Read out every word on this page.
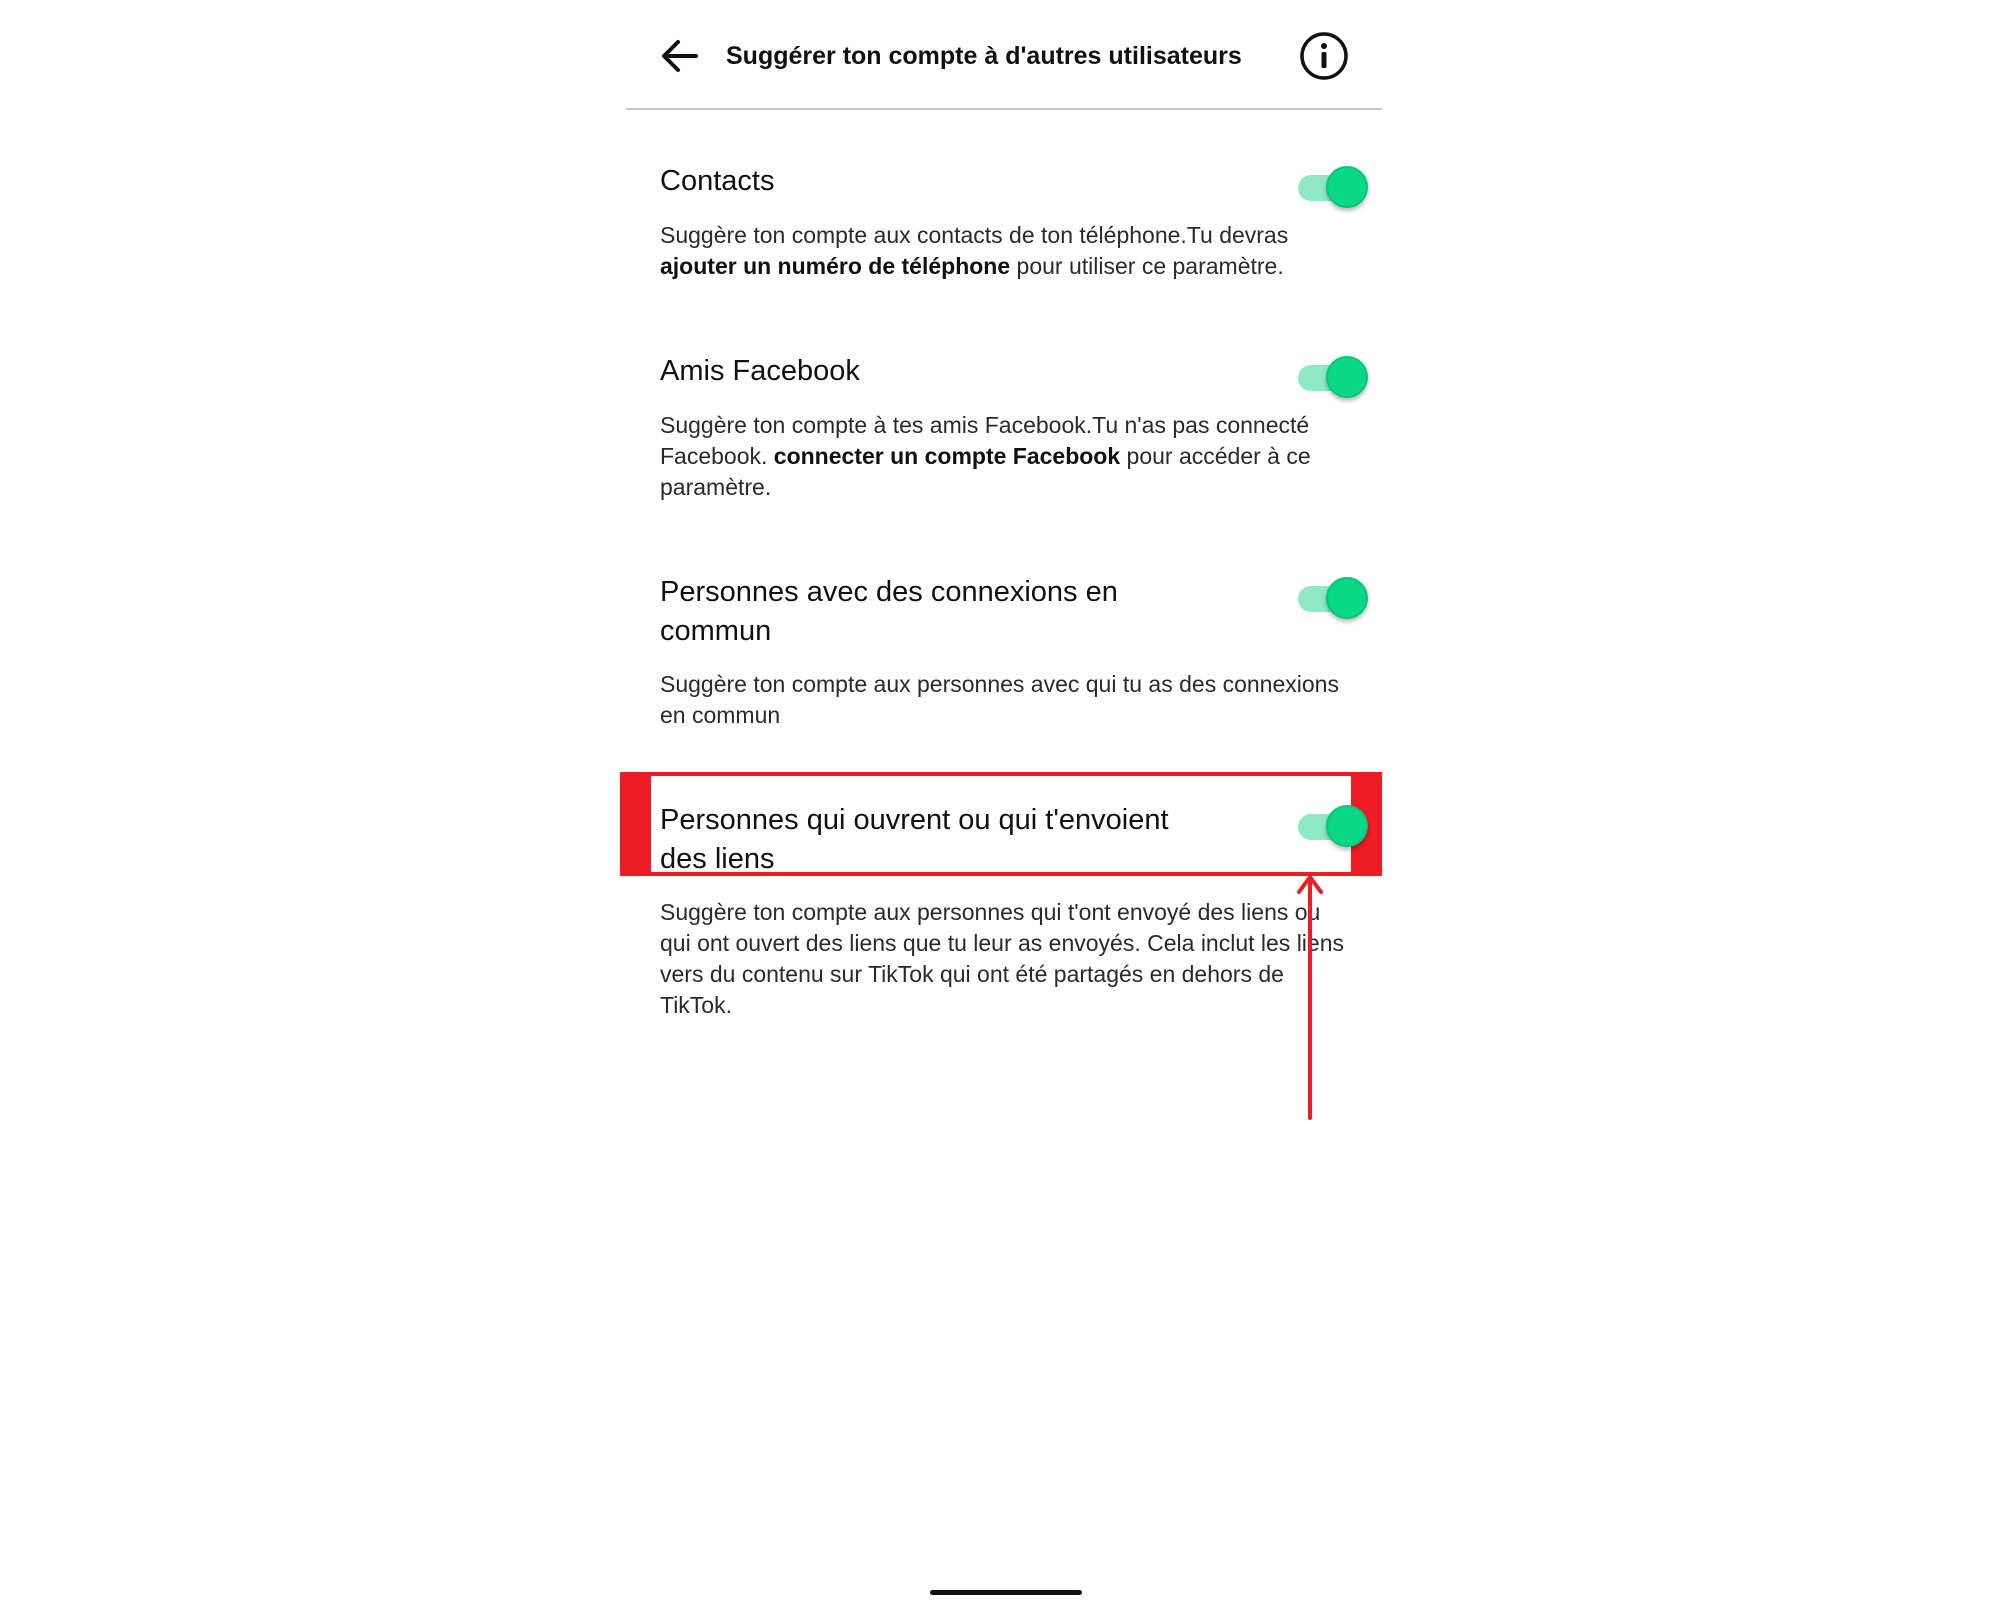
Suggérer ton compte à d'autres utilisateurs
Contacts
Suggère ton compte aux contacts de ton téléphone.Tu devras ajouter un numéro de téléphone pour utiliser ce paramètre.
Amis Facebook
Suggère ton compte à tes amis Facebook.Tu n'as pas connecté Facebook. connecter un compte Facebook pour accéder à ce paramètre.
Personnes avec des connexions en commun
Suggère ton compte aux personnes avec qui tu as des connexions en commun
Personnes qui ouvrent ou qui t'envoient des liens
Suggère ton compte aux personnes qui t'ont envoyé des liens ou qui ont ouvert des liens que tu leur as envoyés. Cela inclut les liens vers du contenu sur TikTok qui ont été partagés en dehors de TikTok.
